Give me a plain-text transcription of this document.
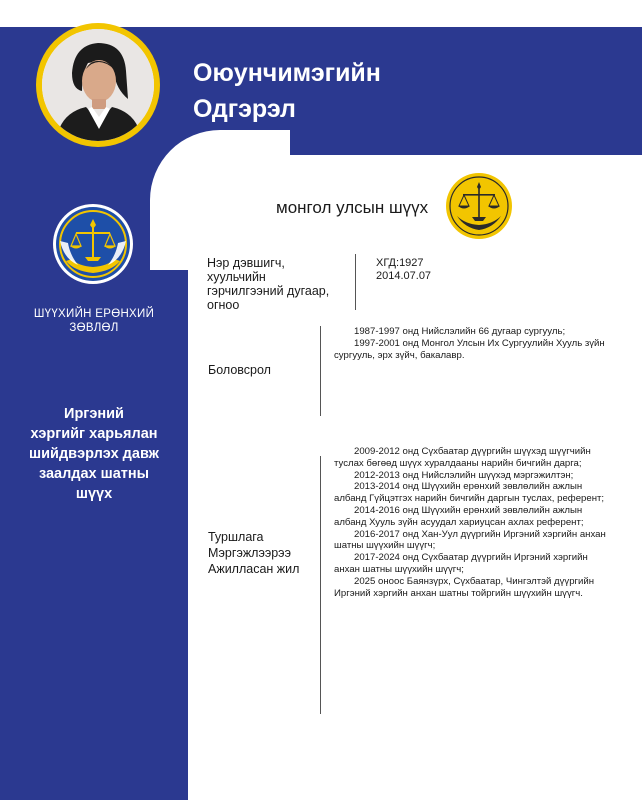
Оюунчимэгийн
Одгэрэл
ШҮҮХИЙН ЕРӨНХИЙ
ЗӨВЛӨЛ
Иргэний
хэргийг харьялан
шийдвэрлэх давж
заалдах шатны
шүүх
монгол улсын шүүх
Нэр дэвшигч,
хуульчийн
гэрчилгээний дугаар,
огноо
ХГД:1927
2014.07.07
Боловсрол

1987-1997 онд Нийслэлийн 66 дугаар сургууль;

1997-2001 онд Монгол Улсын Их Сургуулийн Хууль зүйн сургууль, эрх зүйч, бакалавр.

Туршлага
Мэргэжлээрээ
Ажилласан жил

2009-2012 онд Сүхбаатар дүүргийн шүүхэд шүүгчийн туслах бөгөөд шүүх хуралдааны нарийн бичгийн дарга;

2012-2013 онд Нийслэлийн шүүхэд мэргэжилтэн;

2013-2014 онд Шүүхийн ерөнхий зөвлөлийн ажлын албанд Гүйцэтгэх нарийн бичгийн даргын туслах, референт;

2014-2016 онд Шүүхийн ерөнхий зөвлөлийн ажлын албанд Хууль зүйн асуудал хариуцсан ахлах референт;

2016-2017 онд Хан-Уул дүүргийн Иргэний хэргийн анхан шатны шүүхийн шүүгч;

2017-2024 онд Сүхбаатар дүүргийн Иргэний хэргийн анхан шатны шүүхийн шүүгч;

2025 оноос Баянзүрх, Сүхбаатар, Чингэлтэй дүүргийн Иргэний хэргийн анхан шатны тойргийн шүүхийн шүүгч.
